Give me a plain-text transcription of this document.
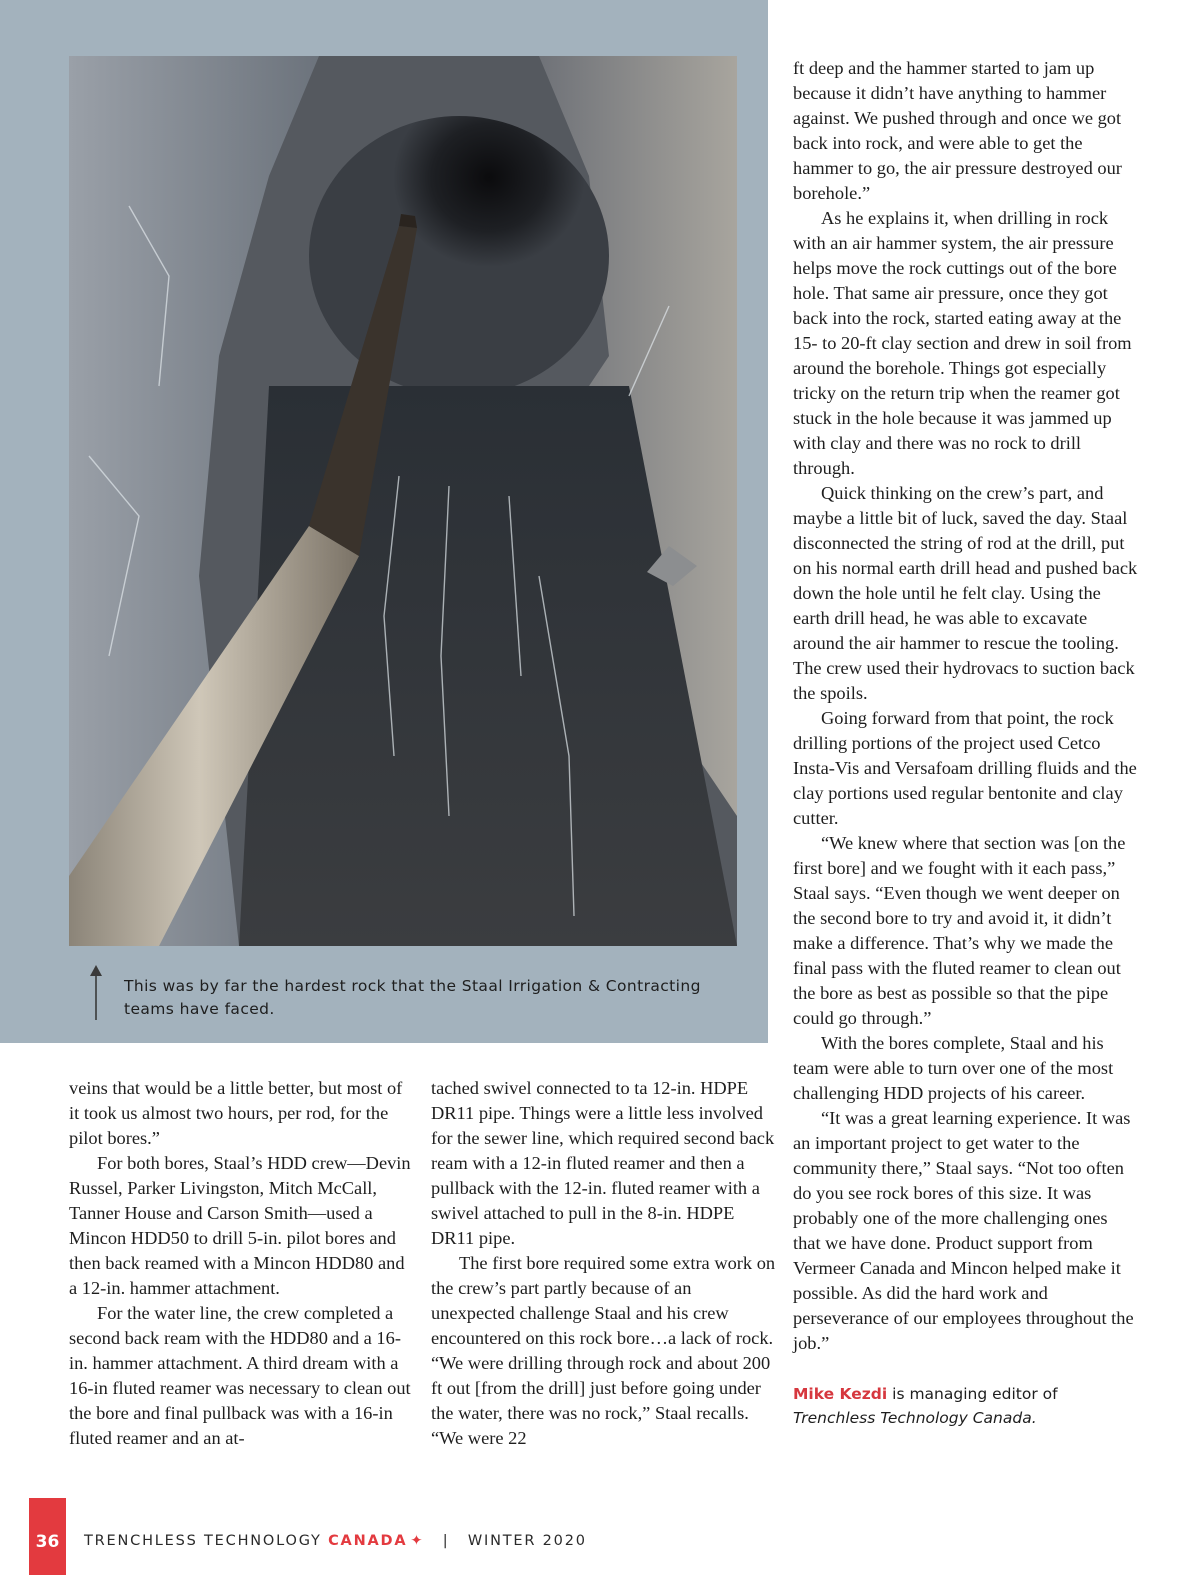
This was by far the hardest rock that the Staal Irrigation & Contracting teams have faced.

veins that would be a little better, but most of it took us almost two hours, per rod, for the pilot bores.”

For both bores, Staal’s HDD crew—Devin Russel, Parker Livingston, Mitch McCall, Tanner House and Carson Smith—used a Mincon HDD50 to drill 5-in. pilot bores and then back reamed with a Mincon HDD80 and a 12-in. hammer attachment.

For the water line, the crew completed a second back ream with the HDD80 and a 16-in. hammer attachment. A third dream with a 16-in fluted reamer was necessary to clean out the bore and final pullback was with a 16-in fluted reamer and an at-

tached swivel connected to ta 12-in. HDPE DR11 pipe. Things were a little less involved for the sewer line, which required second back ream with a 12-in fluted reamer and then a pullback with the 12-in. fluted reamer with a swivel attached to pull in the 8-in. HDPE DR11 pipe.

The first bore required some extra work on the crew’s part partly because of an unexpected challenge Staal and his crew encountered on this rock bore…a lack of rock. “We were drilling through rock and about 200 ft out [from the drill] just before going under the water, there was no rock,” Staal recalls. “We were 22

ft deep and the hammer started to jam up because it didn’t have anything to hammer against. We pushed through and once we got back into rock, and were able to get the hammer to go, the air pressure destroyed our borehole.”

As he explains it, when drilling in rock with an air hammer system, the air pressure helps move the rock cuttings out of the bore hole. That same air pressure, once they got back into the rock, started eating away at the 15- to 20-ft clay section and drew in soil from around the borehole. Things got especially tricky on the return trip when the reamer got stuck in the hole because it was jammed up with clay and there was no rock to drill through.

Quick thinking on the crew’s part, and maybe a little bit of luck, saved the day. Staal disconnected the string of rod at the drill, put on his normal earth drill head and pushed back down the hole until he felt clay. Using the earth drill head, he was able to excavate around the air hammer to rescue the tooling. The crew used their hydrovacs to suction back the spoils.

Going forward from that point, the rock drilling portions of the project used Cetco Insta-Vis and Versafoam drilling fluids and the clay portions used regular bentonite and clay cutter.

“We knew where that section was [on the first bore] and we fought with it each pass,” Staal says. “Even though we went deeper on the second bore to try and avoid it, it didn’t make a difference. That’s why we made the final pass with the fluted reamer to clean out the bore as best as possible so that the pipe could go through.”

With the bores complete, Staal and his team were able to turn over one of the most challenging HDD projects of his career.

“It was a great learning experience. It was an important project to get water to the community there,” Staal says. “Not too often do you see rock bores of this size. It was probably one of the more challenging ones that we have done. Product support from Vermeer Canada and Mincon helped make it possible. As did the hard work and perseverance of our employees throughout the job.”

Mike Kezdi is managing editor of Trenchless Technology Canada.

36	TRENCHLESS TECHNOLOGY CANADA ✦ | WINTER 2020
